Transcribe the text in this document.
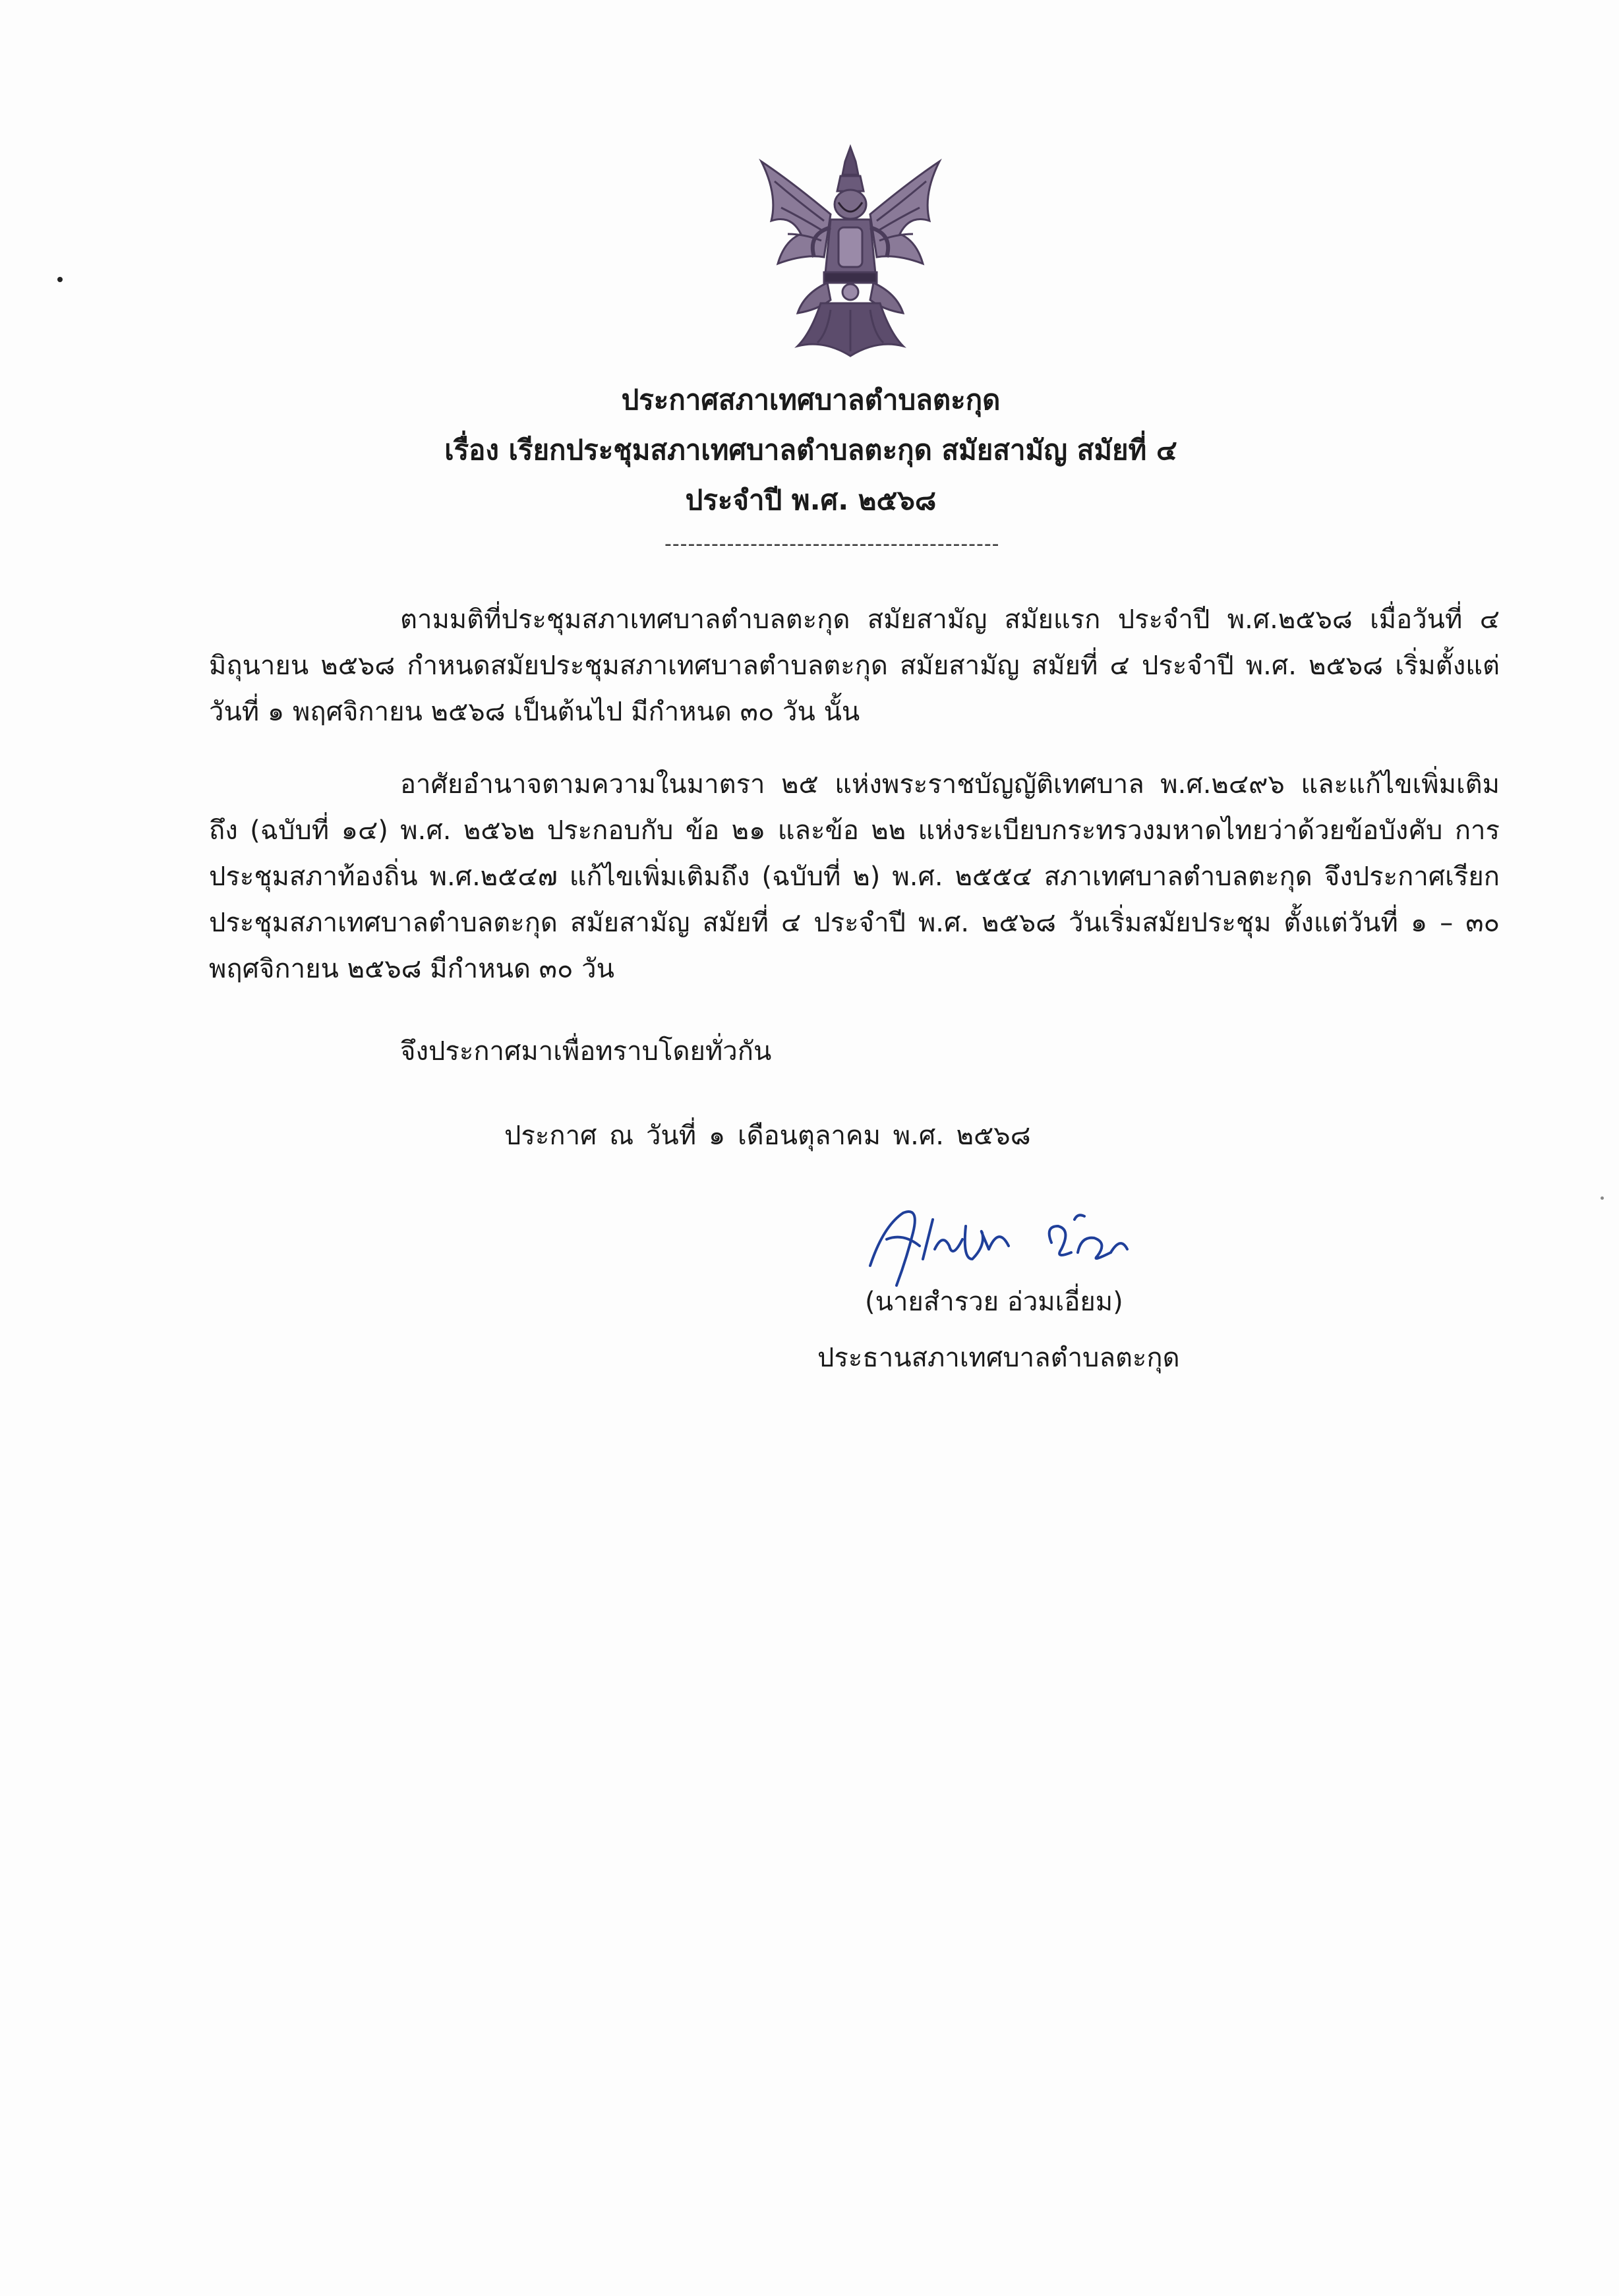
ประกาศสภาเทศบาลตำบลตะกุด
เรื่อง เรียกประชุมสภาเทศบาลตำบลตะกุด สมัยสามัญ สมัยที่ ๔
ประจำปี พ.ศ. ๒๕๖๘
-------------------------------------------

ตามมติที่ประชุมสภาเทศบาลตำบลตะกุด สมัยสามัญ สมัยแรก ประจำปี พ.ศ.๒๕๖๘ เมื่อวันที่ ๔ มิถุนายน ๒๕๖๘ กำหนดสมัยประชุมสภาเทศบาลตำบลตะกุด สมัยสามัญ สมัยที่ ๔ ประจำปี พ.ศ. ๒๕๖๘ เริ่มตั้งแต่ วันที่ ๑ พฤศจิกายน ๒๕๖๘ เป็นต้นไป มีกำหนด ๓๐ วัน นั้น

อาศัยอำนาจตามความในมาตรา ๒๕ แห่งพระราชบัญญัติเทศบาล พ.ศ.๒๔๙๖ และแก้ไขเพิ่มเติม ถึง (ฉบับที่ ๑๔) พ.ศ. ๒๕๖๒ ประกอบกับ ข้อ ๒๑ และข้อ ๒๒ แห่งระเบียบกระทรวงมหาดไทยว่าด้วยข้อบังคับ การประชุมสภาท้องถิ่น พ.ศ.๒๕๔๗ แก้ไขเพิ่มเติมถึง (ฉบับที่ ๒) พ.ศ. ๒๕๕๔ สภาเทศบาลตำบลตะกุด จึงประกาศเรียกประชุมสภาเทศบาลตำบลตะกุด สมัยสามัญ สมัยที่ ๔ ประจำปี พ.ศ. ๒๕๖๘ วันเริ่มสมัยประชุม ตั้งแต่วันที่ ๑ – ๓๐ พฤศจิกายน ๒๕๖๘ มีกำหนด ๓๐ วัน

จึงประกาศมาเพื่อทราบโดยทั่วกัน
ประกาศ ณ วันที่ ๑ เดือนตุลาคม พ.ศ. ๒๕๖๘
(นายสำรวย อ่วมเอี่ยม)
ประธานสภาเทศบาลตำบลตะกุด
